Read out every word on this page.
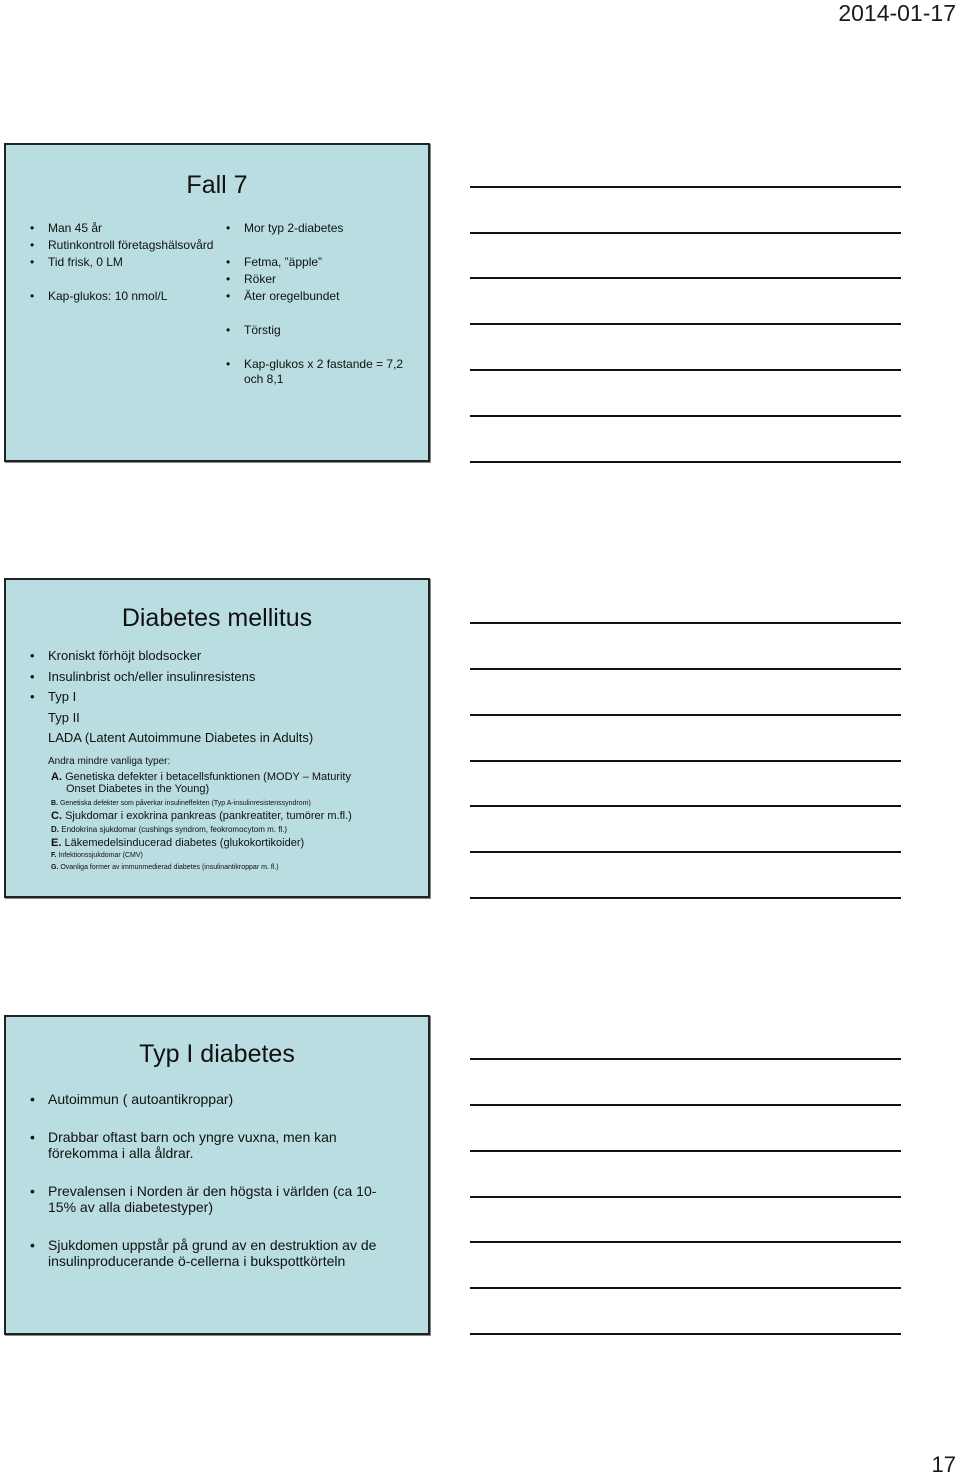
2014-01-17
Fall 7
• Man 45 år
• Rutinkontroll företagshälsovård
• Tid frisk, 0 LM
• Kap-glukos: 10 nmol/L
• Mor typ 2-diabetes
• Fetma, ”äpple”
• Röker
• Äter oregelbundet
• Törstig
• Kap-glukos x 2 fastande = 7,2
och 8,1
Diabetes mellitus
• Kroniskt förhöjt blodsocker
• Insulinbrist och/eller insulinresistens
• Typ I
Typ II
LADA (Latent Autoimmune Diabetes in Adults)
Andra mindre vanliga typer:
A. Genetiska defekter i betacellsfunktionen (MODY – Maturity
Onset Diabetes in the Young)
B. Genetiska defekter som påverkar insulineffekten (Typ A-insulinresistenssyndrom)
C. Sjukdomar i exokrina pankreas (pankreatiter, tumörer m.fl.)
D. Endokrina sjukdomar (cushings syndrom, feokromocytom m. fl.)
E. Läkemedelsinducerad diabetes (glukokortikoider)
F. Infektionssjukdomar (CMV)
G. Ovanliga former av immunmedierad diabetes (insulinantikroppar m. fl.)
Typ I diabetes
• Autoimmun ( autoantikroppar)
• Drabbar oftast barn och yngre vuxna, men kan
förekomma i alla åldrar.
• Prevalensen i Norden är den högsta i världen (ca 10-
15% av alla diabetestyper)
• Sjukdomen uppstår på grund av en destruktion av de
insulinproducerande ö-cellerna i bukspottkörteln
17
